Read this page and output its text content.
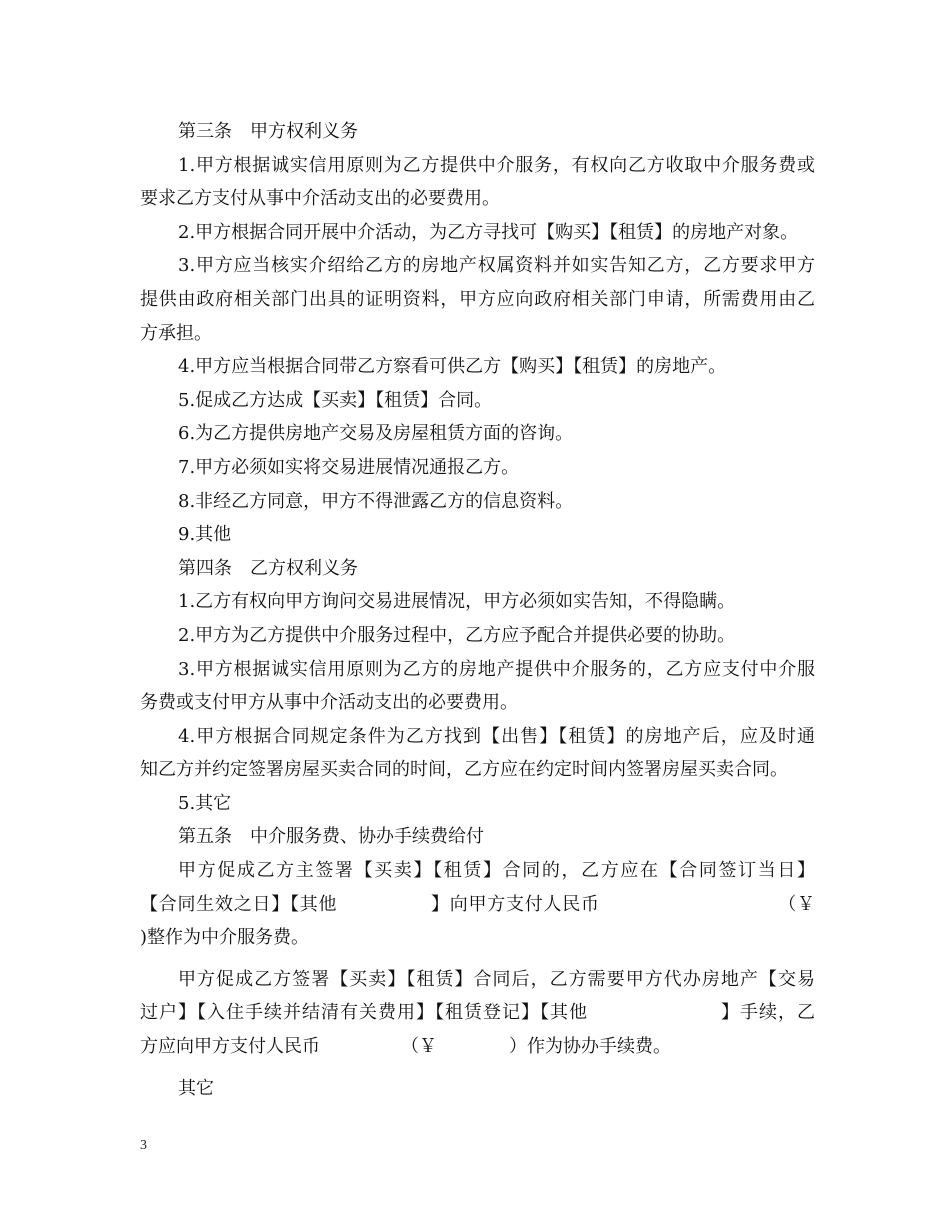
第三条　甲方权利义务
1.甲方根据诚实信用原则为乙方提供中介服务，有权向乙方收取中介服务费或
要求乙方支付从事中介活动支出的必要费用。
2.甲方根据合同开展中介活动，为乙方寻找可【购买】【租赁】的房地产对象。
3.甲方应当核实介绍给乙方的房地产权属资料并如实告知乙方，乙方要求甲方
提供由政府相关部门出具的证明资料，甲方应向政府相关部门申请，所需费用由乙
方承担。
4.甲方应当根据合同带乙方察看可供乙方【购买】【租赁】的房地产。
5.促成乙方达成【买卖】【租赁】合同。
6.为乙方提供房地产交易及房屋租赁方面的咨询。
7.甲方必须如实将交易进展情况通报乙方。
8.非经乙方同意，甲方不得泄露乙方的信息资料。
9.其他
第四条　乙方权利义务
1.乙方有权向甲方询问交易进展情况，甲方必须如实告知，不得隐瞒。
2.甲方为乙方提供中介服务过程中，乙方应予配合并提供必要的协助。
3.甲方根据诚实信用原则为乙方的房地产提供中介服务的，乙方应支付中介服
务费或支付甲方从事中介活动支出的必要费用。
4.甲方根据合同规定条件为乙方找到【出售】【租赁】的房地产后，应及时通
知乙方并约定签署房屋买卖合同的时间，乙方应在约定时间内签署房屋买卖合同。
5.其它
第五条　中介服务费、协办手续费给付
甲方促成乙方主签署【买卖】【租赁】合同的，乙方应在【合同签订当日】
【合同生效之日】【其他　　　　　】向甲方支付人民币　　　　　　　　　　（￥
)整作为中介服务费。
甲方促成乙方签署【买卖】【租赁】合同后，乙方需要甲方代办房地产【交易
过户】【入住手续并结清有关费用】【租赁登记】【其他　　　　　　　】手续，乙
方应向甲方支付人民币　　　　　（￥　　　　）作为协办手续费。
其它
3
